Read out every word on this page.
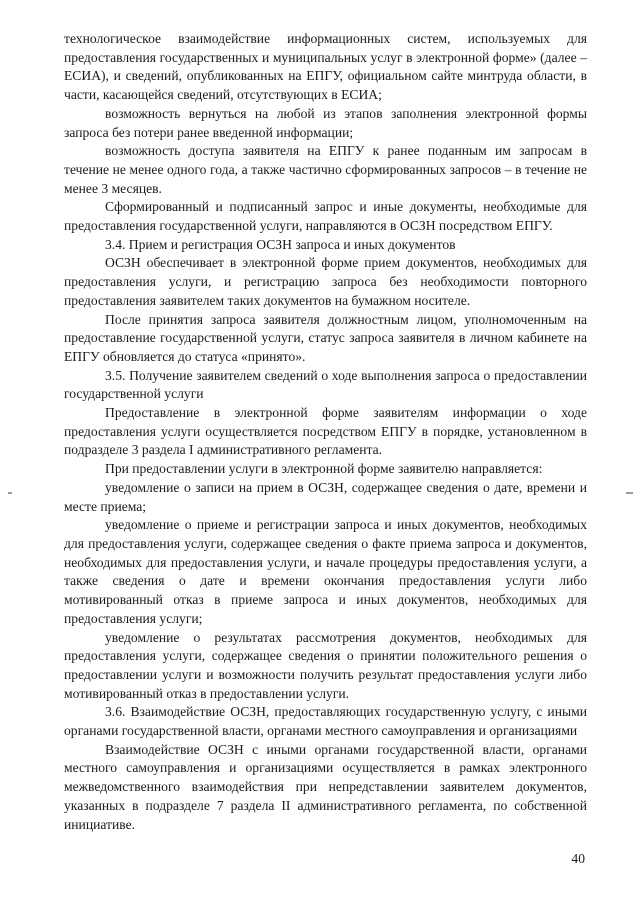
технологическое взаимодействие информационных систем, используемых для предоставления государственных и муниципальных услуг в электронной форме» (далее – ЕСИА), и сведений, опубликованных на ЕПГУ, официальном сайте минтруда области, в части, касающейся сведений, отсутствующих в ЕСИА;

возможность вернуться на любой из этапов заполнения электронной формы запроса без потери ранее введенной информации;

возможность доступа заявителя на ЕПГУ к ранее поданным им запросам в течение не менее одного года, а также частично сформированных запросов – в течение не менее 3 месяцев.

Сформированный и подписанный запрос и иные документы, необходимые для предоставления государственной услуги, направляются в ОСЗН посредством ЕПГУ.

3.4. Прием и регистрация ОСЗН запроса и иных документов

ОСЗН обеспечивает в электронной форме прием документов, необходимых для предоставления услуги, и регистрацию запроса без необходимости повторного предоставления заявителем таких документов на бумажном носителе.

После принятия запроса заявителя должностным лицом, уполномоченным на предоставление государственной услуги, статус запроса заявителя в личном кабинете на ЕПГУ обновляется до статуса «принято».

3.5. Получение заявителем сведений о ходе выполнения запроса о предоставлении государственной услуги

Предоставление в электронной форме заявителям информации о ходе предоставления услуги осуществляется посредством ЕПГУ в порядке, установленном в подразделе 3 раздела I административного регламента.

При предоставлении услуги в электронной форме заявителю направляется:

уведомление о записи на прием в ОСЗН, содержащее сведения о дате, времени и месте приема;

уведомление о приеме и регистрации запроса и иных документов, необходимых для предоставления услуги, содержащее сведения о факте приема запроса и документов, необходимых для предоставления услуги, и начале процедуры предоставления услуги, а также сведения о дате и времени окончания предоставления услуги либо мотивированный отказ в приеме запроса и иных документов, необходимых для предоставления услуги;

уведомление о результатах рассмотрения документов, необходимых для предоставления услуги, содержащее сведения о принятии положительного решения о предоставлении услуги и возможности получить результат предоставления услуги либо мотивированный отказ в предоставлении услуги.

3.6. Взаимодействие ОСЗН, предоставляющих государственную услугу, с иными органами государственной власти, органами местного самоуправления и организациями

Взаимодействие ОСЗН с иными органами государственной власти, органами местного самоуправления и организациями осуществляется в рамках электронного межведомственного взаимодействия при непредставлении заявителем документов, указанных в подразделе 7 раздела II административного регламента, по собственной инициативе.

40
